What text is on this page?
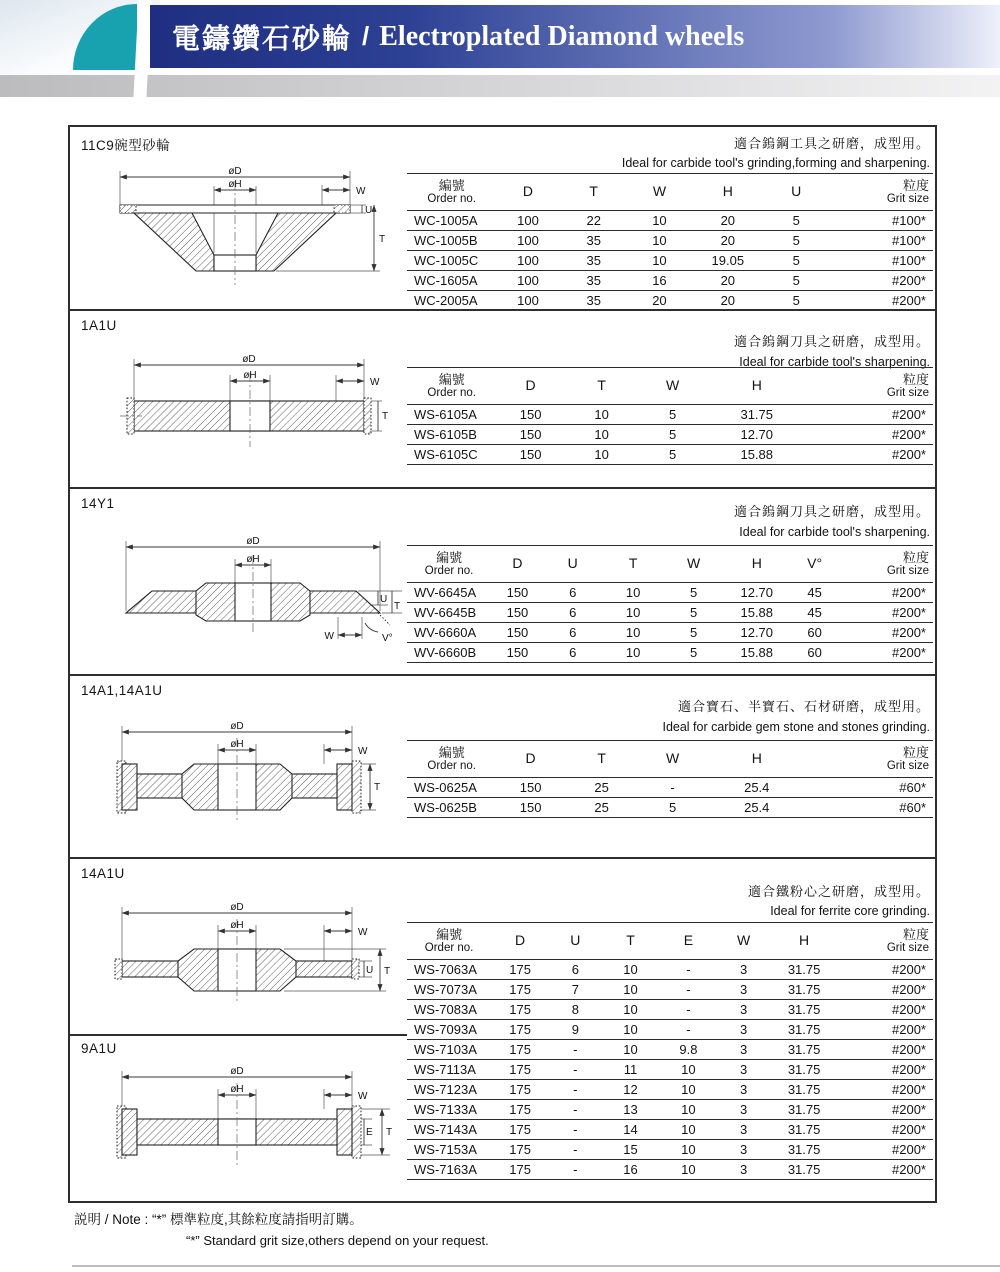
電鑄鑽石砂輪 / Electroplated Diamond wheels
11C9碗型砂輪	適合鎢鋼工具之研磨，成型用。
Ideal for carbide tool's grinding,forming and sharpening.
øD
øH
W
U
T
編號
Order no.	D	T	W	H	U	粒度
Grit size

WC-1005A	100	22	10	20	5	#100*
WC-1005B	100	35	10	20	5	#100*
WC-1005C	100	35	10	19.05	5	#100*
WC-1605A	100	35	16	20	5	#200*
WC-2005A	100	35	20	20	5	#200*
1A1U
適合鎢鋼刀具之研磨，成型用。
Ideal for carbide tool's sharpening.
øD
øH
W
T
編號
Order no.	D	T	W	H	粒度
Grit size

WS-6105A	150	10	5	31.75	#200*
WS-6105B	150	10	5	12.70	#200*
WS-6105C	150	10	5	15.88	#200*
14Y1
適合鎢鋼刀具之研磨，成型用。
Ideal for carbide tool's sharpening.
øD
øH
W
U
T
V°
編號
Order no.	D	U	T	W	H	V°	粒度
Grit size

WV-6645A	150	6	10	5	12.70	45	#200*
WV-6645B	150	6	10	5	15.88	45	#200*
WV-6660A	150	6	10	5	12.70	60	#200*
WV-6660B	150	6	10	5	15.88	60	#200*
14A1,14A1U
適合寶石、半寶石、石材研磨，成型用。
Ideal for carbide gem stone and stones grinding.
øD
øH
W
T
編號
Order no.	D	T	W	H	粒度
Grit size

WS-0625A	150	25	-	25.4	#60*
WS-0625B	150	25	5	25.4	#60*
14A1U
適合鐵粉心之研磨，成型用。
Ideal for ferrite core grinding.
øD
øH
W
U T
9A1U
øD
øH
W
E T
編號
Order no.	D	U	T	E	W	H	粒度
Grit size

WS-7063A	175	6	10	-	3	31.75	#200*
WS-7073A	175	7	10	-	3	31.75	#200*
WS-7083A	175	8	10	-	3	31.75	#200*
WS-7093A	175	9	10	-	3	31.75	#200*
WS-7103A	175	-	10	9.8	3	31.75	#200*
WS-7113A	175	-	11	10	3	31.75	#200*
WS-7123A	175	-	12	10	3	31.75	#200*
WS-7133A	175	-	13	10	3	31.75	#200*
WS-7143A	175	-	14	10	3	31.75	#200*
WS-7153A	175	-	15	10	3	31.75	#200*
WS-7163A	175	-	16	10	3	31.75	#200*
説明 / Note : “*” 標準粒度,其餘粒度請指明訂購。
“*” Standard grit size,others depend on your request.
